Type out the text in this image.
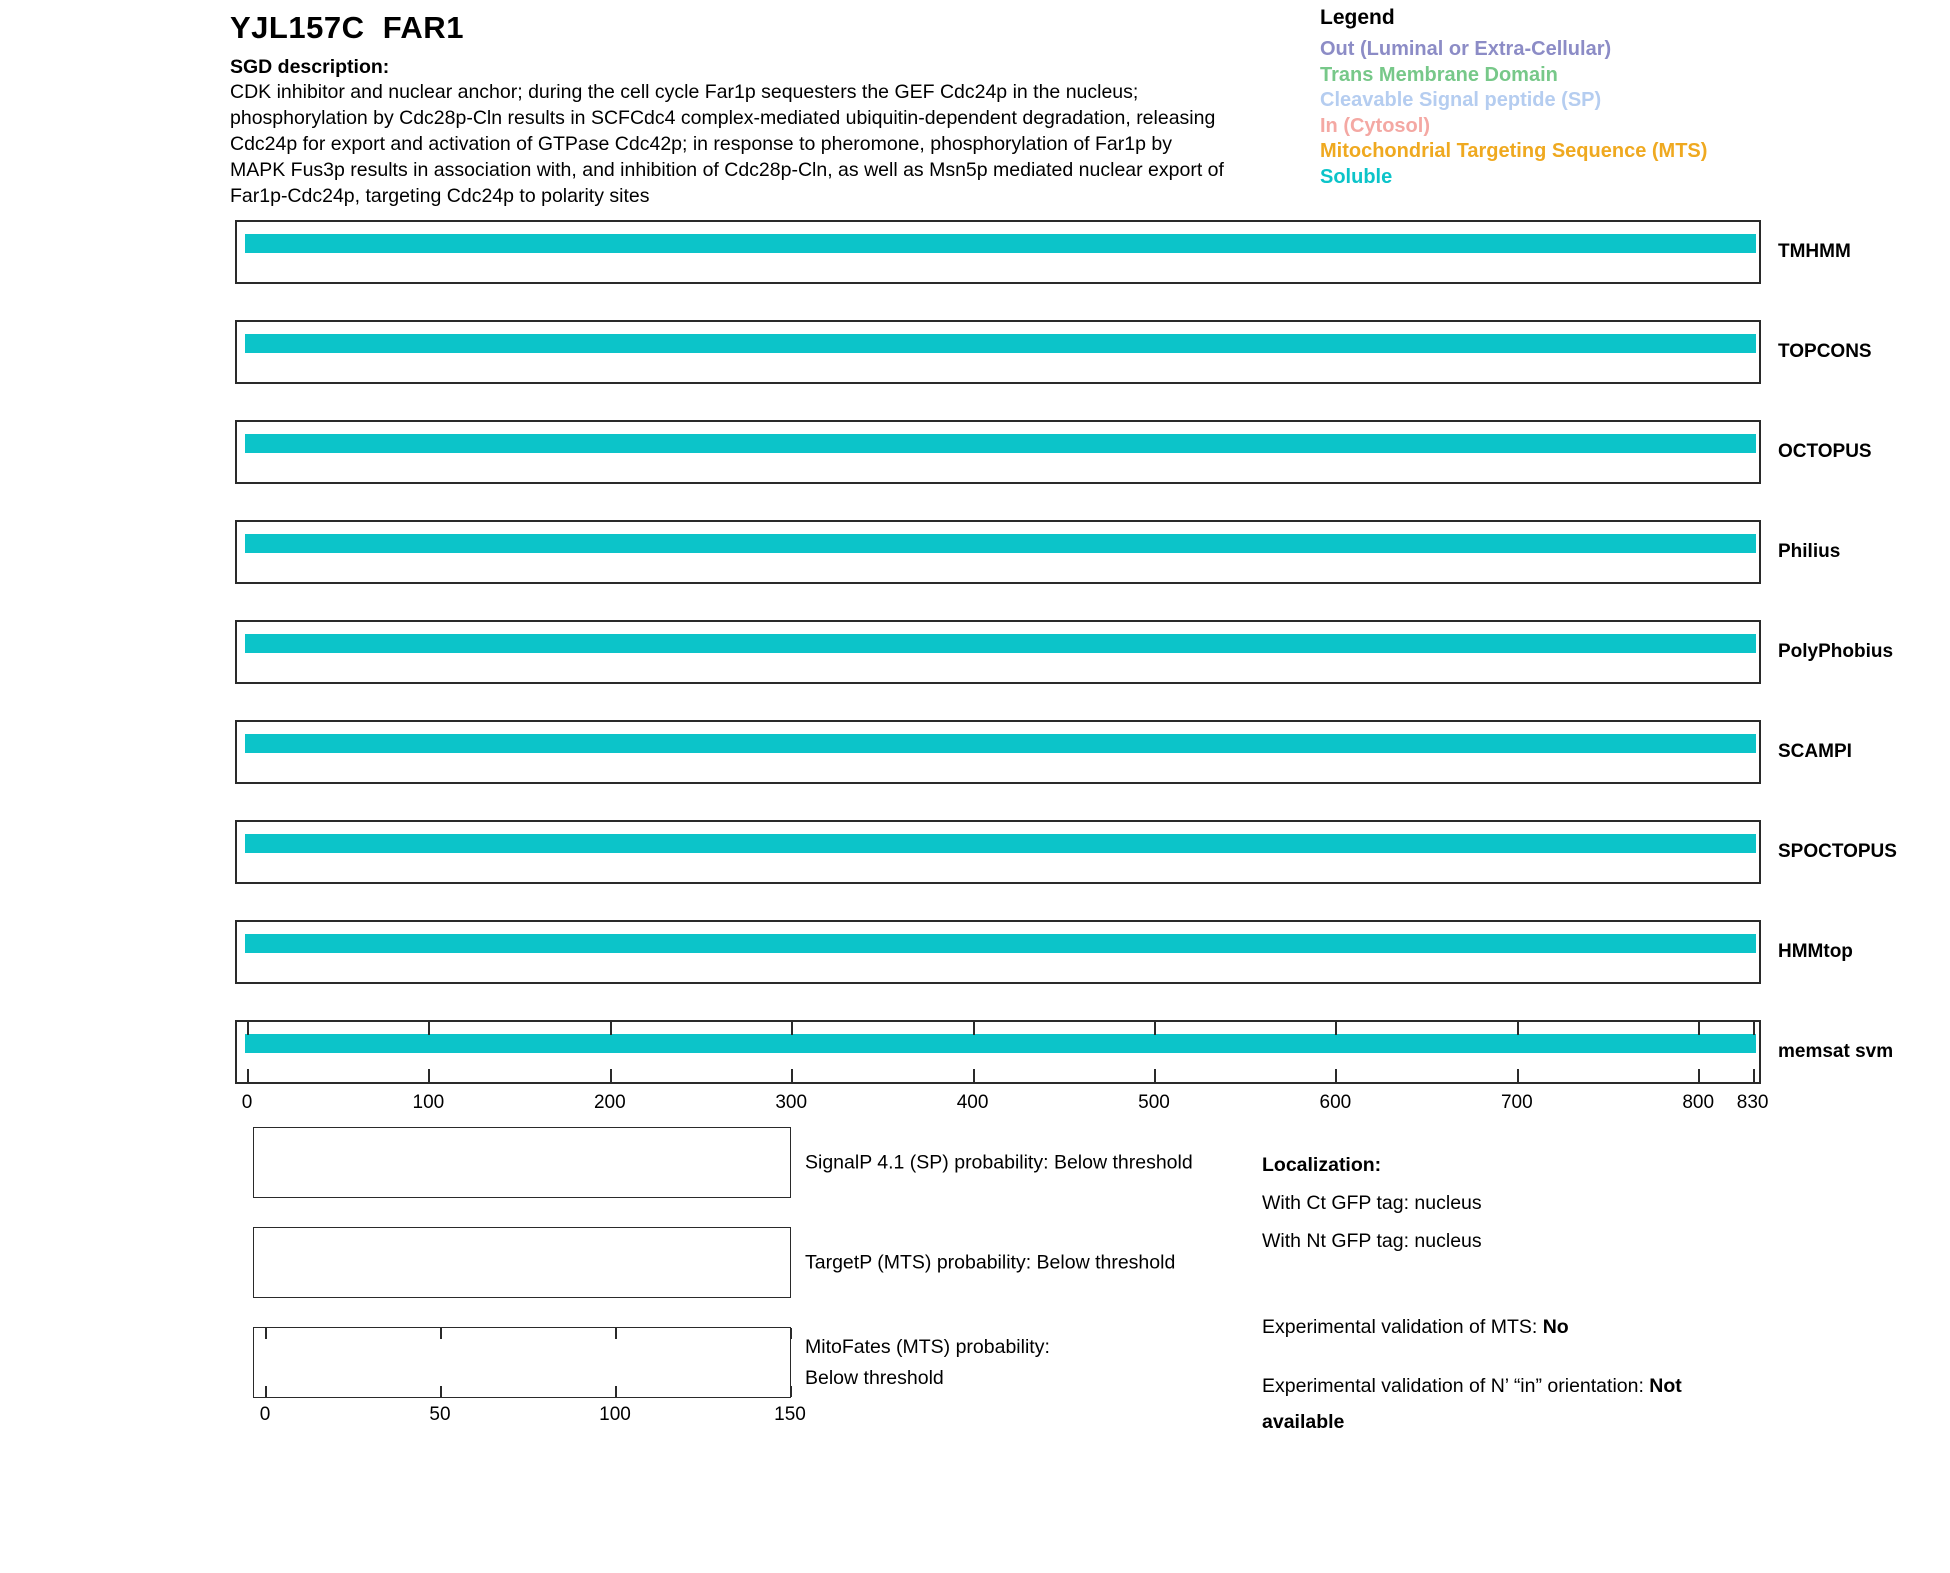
YJL157C  FAR1
SGD description:
CDK inhibitor and nuclear anchor; during the cell cycle Far1p sequesters the GEF Cdc24p in the nucleus; phosphorylation by Cdc28p-Cln results in SCFCdc4 complex-mediated ubiquitin-dependent degradation, releasing Cdc24p for export and activation of GTPase Cdc42p; in response to pheromone, phosphorylation of Far1p by MAPK Fus3p results in association with, and inhibition of Cdc28p-Cln, as well as Msn5p mediated nuclear export of Far1p-Cdc24p, targeting Cdc24p to polarity sites
Legend
Out (Luminal or Extra-Cellular)
Trans Membrane Domain
Cleavable Signal peptide (SP)
In (Cytosol)
Mitochondrial Targeting Sequence (MTS)
Soluble
TMHMM
TOPCONS
OCTOPUS
Philius
PolyPhobius
SCAMPI
SPOCTOPUS
HMMtop
memsat svm
0	100	200	300	400	500	600	700	800 830
SignalP 4.1 (SP) probability: Below threshold
TargetP (MTS) probability: Below threshold
0	50	100	150
MitoFates (MTS) probability: Below threshold
Localization:
With Ct GFP tag: nucleus
With Nt GFP tag: nucleus
Experimental validation of MTS: No
Experimental validation of N’ “in” orientation: Not available
